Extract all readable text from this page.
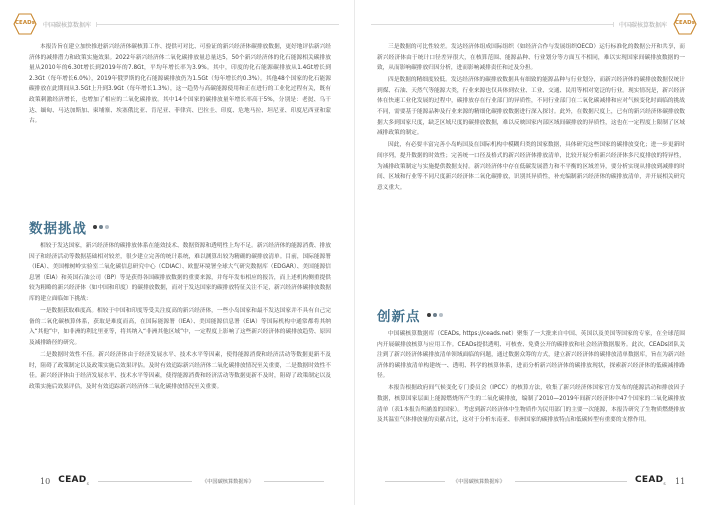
CEADs	中国碳核算数据库

本报告旨在建立加快推进新兴经济体碳核算工作、提供可对比、可验证的新兴经济体碳排放数据，更好地评估新兴经济体的减排潜力和政策实施效果。2022年新兴经济体二氧化碳排放量总量达5，50个新兴经济体的化石能源相关碳排放量从2010年的6.30t增长到2019年的7.8Gt，平均年增长率为3.9%。其中，印度的化石能源碳排放从1.4Gt增长到2.3Gt（每年增长6.0%），2019年俄罗斯的化石能源碳排放仍为1.5Gt（每年增长约0.3%）。其他48个国家的化石能源碳排放在此期间从3.5Gt上升到3.9Gt（每年增长1.3%），这一趋势与高碳能源使用和正在进行的工业化过程有关，既有政策刺激经济增长，也增加了相应的二氧化碳排放。其中14个国家的碳排放量年增长率高于5%，分别是：老挝、乌干达、缅甸、马达加斯加、柬埔寨、埃塞俄比亚、肯尼亚、菲律宾、巴拉圭、印度、危地马拉、坦尼亚、印度尼西亚和蒙古。

数据挑战

相较于发达国家，新兴经济体的碳排放体系在能效技术、数据资源和透明性上均不足。新兴经济体的能源消费、排放因子和经济活动等数据基础相对较差，很少建立完善的统计系统，难以测算出较为精确的碳排放清单。目前，国际能源署（IEA）、美国橡树岭实验室二氧化碳信息研究中心（CDIAC）、欧盟环境署全球大气研究数据库（EDGAR）、美国能源信息署（EIA）和英国石油公司（BP）等是获得各国碳排放数据的重要来源，并每年发布相应的报告，而上述机构侧重提供较为粗略的新兴经济体（如中国和印度）的碳排放数据，而对于发达国家的碳排放特征关注不足，新兴经济体碳排放数据库的建立面临如下挑战：

一是数据获取难度高。相较于中国和印度等受关注度高的新兴经济体，一些小岛国家和最不发达国家并不具有自己完备的二氧化碳核算体系，获取是难度而高，在国际能源署（IEA）、美国能源信息署（EIA）等国际机构中通常都将其纳入“其他”中，如非洲的利比里亚等，将其纳入“非洲其他区域”中，一定程度上影响了这些新兴经济体的碳排放趋势、原因及减排路径的研究。

二是数据时效性不佳。新兴经济体由于经济发展水平、技术水平等因素，使得能源消费和经济活动等数据更新不及时，阻碍了政策制定以及政策实施后效果评估。及时有效追踪新兴经济体二氧化碳排放情况至关重要，二是数据时效性不佳。新兴经济体由于经济发展水平、技术水平等因素，使得能源消费和经济活动等数据更新不及时，阻碍了政策制定以及政策实施后效果评估，及时有效追踪新兴经济体二氧化碳排放情况至关重要。

10 $CEAD_s$	《中国碳核算数据库》
CEADs
中国碳核算数据库

三是数据的可比性较差。发达经济体组成国际组织（如经济合作与发展组织OECD）运行标准化的数据公开和共享，而新兴经济体由于统计口径差异很大，在核算范围、能源品种、行业划分等方面互不相同，难以实现国家间碳排放数据的一致，从而影响碳排放归因分析，进而影响减排责任和过及分担。

四是数据的精细度较低。发达经济体的碳排放数据具有细致的能源品种与行业划分，而新兴经济体的碳排放数据仅统计到煤、石油、天然气等能源大类，行业来源也仅具体到农业、工业、交通、民用等相对宽泛的行业。现实情况是，新兴经济体在快速工业化发展的过程中，碳排放存在行业部门的异质性，不同行业部门在二氧化碳减排和应对气候变化时面临的挑战不同，需要基于能源品种及行业来源的精细化碳排放数据进行深入探讨。此外，在数据尺度上，已有的新兴经济体碳排放数据大多到国家尺度，缺乏区域尺度的碳排放数据，难以反映国家内部区域间碳排放的异质性，这也在一定程度上限制了区域减排政策的制定。

因此，有必要丰富完善小岛屿国及在国际机构中模糊归类的国家数据，具体研究这些国家的碳排放变化；进一步更新时间序列，提升数据的时效性；完善统一口径及格式的新兴经济体排放清单，比较开展分析新兴经济体多尺度排放的特异性，为减排政策制定与实施提供数据支持。新兴经济体中存在低碳发展潜力和不平衡的区域差异，要分析实现从排放到减排的时间、区域和行业等不同尺度新兴经济体二氧化碳排放，识别其异质性，补充编制新兴经济体的碳排放清单，并开展相关研究意义重大。

创新点

中国碳核算数据库（CEADs, https://ceads.net）聚集了一大批来自中国、英国以及美国等国家的专家，在全球范围内开展碳排放核算与应用工作。CEADs提供透明、可核查、免费公开的碳排放和社会经济数据服务。此次，CEADs团队关注到了新兴经济体碳排放清单领域面临的问题，通过数据众筹的方式，建立新兴经济体的碳排放清单数据库，旨在为新兴经济体的碳排放清单构建统一、透明、科学的核算体系，进而分析新兴经济体的碳排放现状，探索新兴经济体的低碳减排路径。

本报告根据政府间气候变化专门委员会（IPCC）的核算方法，收集了新兴经济体国家官方发布的能源活动和排放因子数据，核算国家层面上能源燃烧所产生的二氧化碳排放，编制了2010—2019年间新兴经济体中47个国家的二氧化碳排放清单（表1本报告所涵盖的国家）。考虑到新兴经济体中生物质作为民用部门的主要一次能源，本报告研究了生物质燃烧排放及其温室气体排放量的贡献占比，这对于分析东南亚、非洲国家的碳排放特点和低碳转型有重要的支撑作用。

《中国碳核算数据库》	$CEAD_s$ 11
